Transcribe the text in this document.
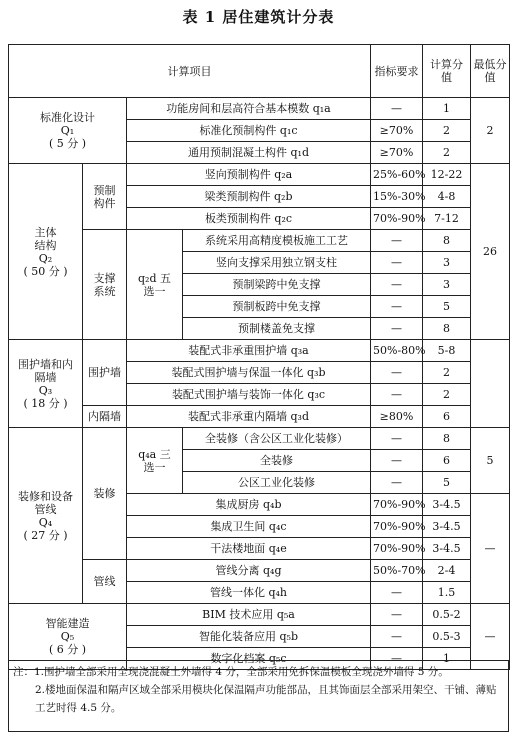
表 1 居住建筑计分表
计算项目				指标要求	计算分值	最低分值

标准化设计
Q₁
( 5 分 )		功能房间和层高符合基本模数 q₁a		—	1	2
		标准化预制构件 q₁c		≥70%	2	
		通用预制混凝土构件 q₁d		≥70%	2	

主体结构
Q₂
( 50 分 )	预制构件	竖向预制构件 q₂a		25%-60%	12-22	26
		梁类预制构件 q₂b		15%-30%	4-8	
		板类预制构件 q₂c		70%-90%	7-12	

	支撑系统	q₂d 五选一	系统采用高精度模板施工工艺	—	8	
			竖向支撑采用独立钢支柱	—	3	
			预制梁跨中免支撑	—	3	
			预制板跨中免支撑	—	5	
			预制楼盖免支撑	—	8	

围护墙和内隔墙
Q₃
( 18 分 )	围护墙	装配式非承重围护墙 q₃a		50%-80%	5-8	
		装配式围护墙与保温一体化 q₃b		—	2	
		装配式围护墙与装饰一体化 q₃c		—	2	
	内隔墙	装配式非承重内隔墙 q₃d		≥80%	6	

装修和设备管线
Q₄
( 27 分 )	装修	q₄a 三选一	全装修（含公区工业化装修）	—	8	5
			全装修	—	6	
			公区工业化装修	—	5	
		集成厨房 q₄b		70%-90%	3-4.5	—
		集成卫生间 q₄c		70%-90%	3-4.5	
		干法楼地面 q₄e		70%-90%	3-4.5	
	管线	管线分离 q₄g		50%-70%	2-4	
		管线一体化 q₄h		—	1.5	

智能建造
Q₅
( 6 分 )		BIM 技术应用 q₅a		—	0.5-2	—
		智能化装备应用 q₅b		—	0.5-3	
		数字化档案 q₅c		—	1	

注：1.围护墙全部采用全现浇混凝土外墙得 4 分，全部采用免拆保温模板全现浇外墙得 5 分。

2.楼地面保温和隔声区域全部采用模块化保温隔声功能部品，且其饰面层全部采用架空、干铺、薄贴工艺时得 4.5 分。
